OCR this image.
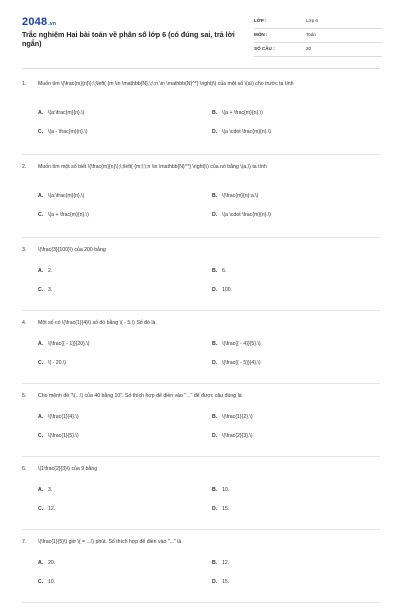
2048.vn
Trắc nghiệm Hai bài toán về phân số lớp 6 (có đúng sai, trả lời ngắn)
LỚP :	Lớp 6
MÔN :	Toán
SỐ CÂU :	20
1. Muốn tìm \(\frac{m}{n}\);\;\left( {m \in \mathbb{N},\;\;n \in \mathbb{N}^*} \right)\) của một số \(a\) cho trước ta tính
A. \(a:\frac{m}{n}.\)	B. \(a + \frac{m}{n}.\)
C. \(a - \frac{m}{n}.\)	D. \(a \cdot \frac{m}{n}.\)
2. Muốn tìm một số biết \(\frac{m}{n}\);\;\left( {m;\;\;n \in \mathbb{N}^*} \right)\) của nó bằng \(a,\) ta tính
A. \(a:\frac{m}{n}.\)	B. \(\frac{m}{n}:a.\)
C. \(a + \frac{m}{n}.\)	D. \(a \cdot \frac{m}{n}.\)
3. \(\frac{3}{100}\) của 200 bằng
A. 2.	B. 6.
C. 3.	D. 100.
4. Một số có \(\frac{1}{4}\) số đó bằng \( - 5.\) Số đó là
A. \(\frac{{ - 1}}{20}.\)	B. \(\frac{{ - 4}}{5}.\)
C. \( - 20.\)	D. \(\frac{{ - 5}}{4}.\)
5. Cho mệnh đề "\(...\) của 40 bằng 10". Số thích hợp để điền vào "..." để được câu đúng là
A. \(\frac{1}{4}.\)	B. \(\frac{1}{2}.\)
C. \(\frac{1}{5}.\)	D. \(\frac{2}{3}.\)
6. \(1\frac{2}{3}\) của 9 bằng
A. 3.	B. 10.
C. 12.	D. 15.
7. \(\frac{1}{5}\) giờ \( = ...\) phút. Số thích hợp để điền vào "..." là
A. 20.	B. 12.
C. 10.	D. 15.
